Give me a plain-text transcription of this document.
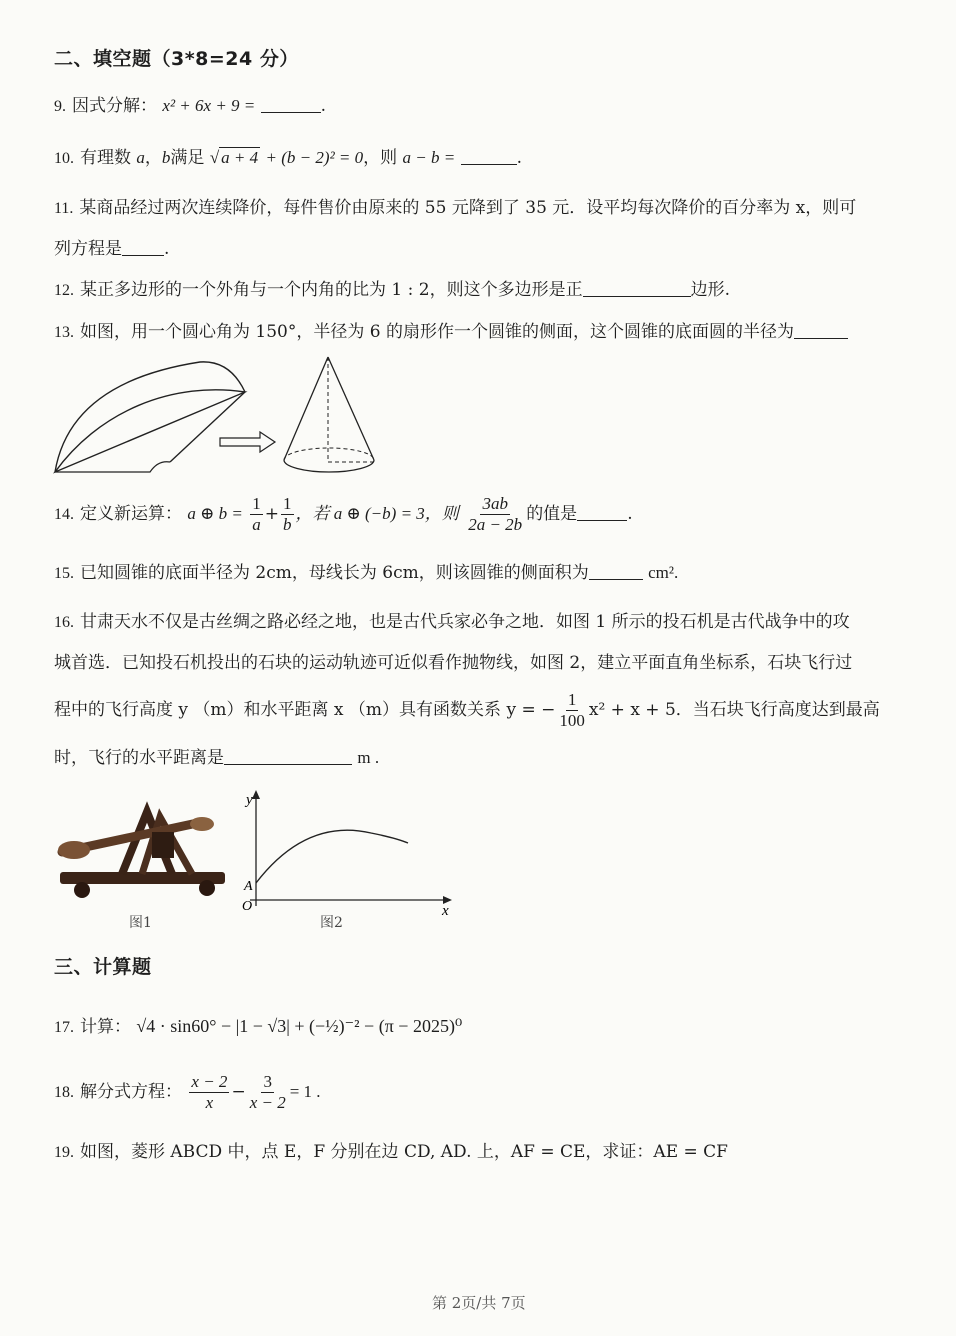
二、填空题（3*8=24 分）
9. 因式分解： x² + 6x + 9 =	.
10. 有理数 a，b满足 √ a + 4 + (b − 2)² = 0，则 a − b =	.
11. 某商品经过两次连续降价，每件售价由原来的 55 元降到了 35 元．设平均每次降价的百分率为 x，则可
列方程是 .
12. 某正多边形的一个外角与一个内角的比为 1 : 2，则这个多边形是正	边形.
13. 如图，用一个圆心角为 150°，半径为 6 的扇形作一个圆锥的侧面，这个圆锥的底面圆的半径为
14. 定义新运算： a ⊕ $b = \frac{1}{a} + \frac{1}{b}$ ，若 a ⊕ (−b) = 3，则 $\frac{3ab}{2a - 2b}$ 的值是	.
15. 已知圆锥的底面半径为 2cm，母线长为 6cm，则该圆锥的侧面积为	cm².
16. 甘肃天水不仅是古丝绸之路必经之地，也是古代兵家必争之地．如图 1 所示的投石机是古代战争中的攻
城首选．已知投石机投出的石块的运动轨迹可近似看作抛物线，如图 2，建立平面直角坐标系，石块飞行过
程中的飞行高度 y （m）和水平距离 x （m）具有函数关系 y = − $\frac{1}{100} x^2 + x + 5$．当石块飞行高度达到最高
时，飞行的水平距离是	m .
图1
y
x
O
A
图2
三、计算题
17. 计算： √4 · sin60° − |1 − √3| + (−½)⁻² − (π − 2025)⁰
18. 解分式方程： $\frac{x - 2}{x} - \frac{3}{x - 2} = 1$ .
19. 如图，菱形 ABCD 中，点 E，F 分别在边 CD, AD. 上，AF = CE，求证：AE = CF
第 2页/共 7页
